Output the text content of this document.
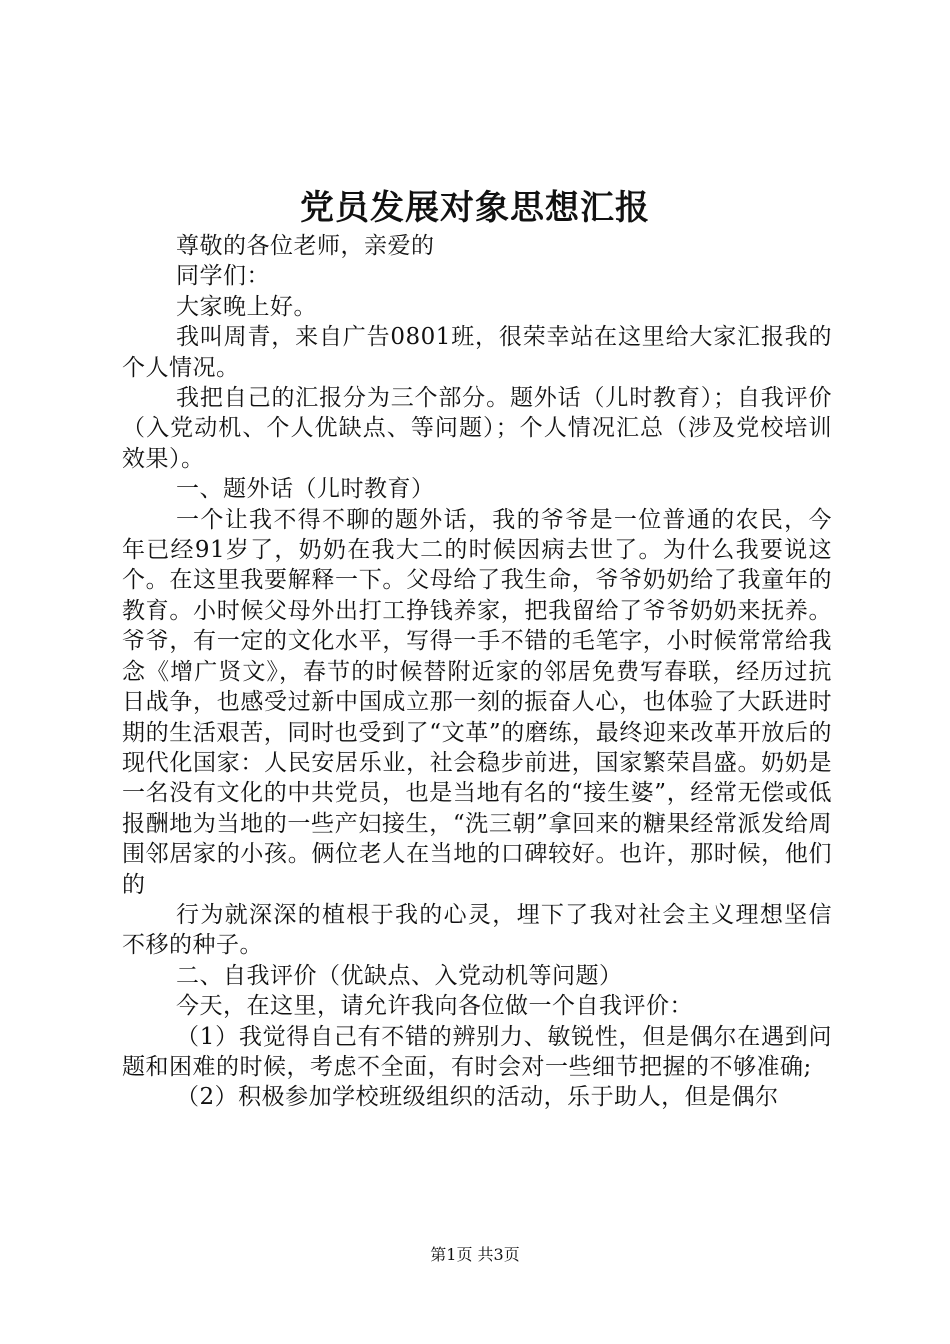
党员发展对象思想汇报

尊敬的各位老师，亲爱的

同学们：

大家晚上好。

我叫周青，来自广告0801班，很荣幸站在这里给大家汇报我的个人情况。

我把自己的汇报分为三个部分。题外话（儿时教育）；自我评价（入党动机、个人优缺点、等问题）；个人情况汇总（涉及党校培训效果）。

一、题外话（儿时教育）

一个让我不得不聊的题外话，我的爷爷是一位普通的农民，今年已经91岁了，奶奶在我大二的时候因病去世了。为什么我要说这个。在这里我要解释一下。父母给了我生命，爷爷奶奶给了我童年的教育。小时候父母外出打工挣钱养家，把我留给了爷爷奶奶来抚养。爷爷，有一定的文化水平，写得一手不错的毛笔字，小时候常常给我念《增广贤文》，春节的时候替附近家的邻居免费写春联，经历过抗日战争，也感受过新中国成立那一刻的振奋人心，也体验了大跃进时期的生活艰苦，同时也受到了“文革”的磨练，最终迎来改革开放后的现代化国家：人民安居乐业，社会稳步前进，国家繁荣昌盛。奶奶是一名没有文化的中共党员，也是当地有名的“接生婆”，经常无偿或低报酬地为当地的一些产妇接生，“洗三朝”拿回来的糖果经常派发给周围邻居家的小孩。俩位老人在当地的口碑较好。也许，那时候，他们的

行为就深深的植根于我的心灵，埋下了我对社会主义理想坚信不移的种子。

二、自我评价（优缺点、入党动机等问题）

今天，在这里，请允许我向各位做一个自我评价：

（1）我觉得自己有不错的辨别力、敏锐性，但是偶尔在遇到问题和困难的时候，考虑不全面，有时会对一些细节把握的不够准确;

（2）积极参加学校班级组织的活动，乐于助人，但是偶尔

第1页 共3页
